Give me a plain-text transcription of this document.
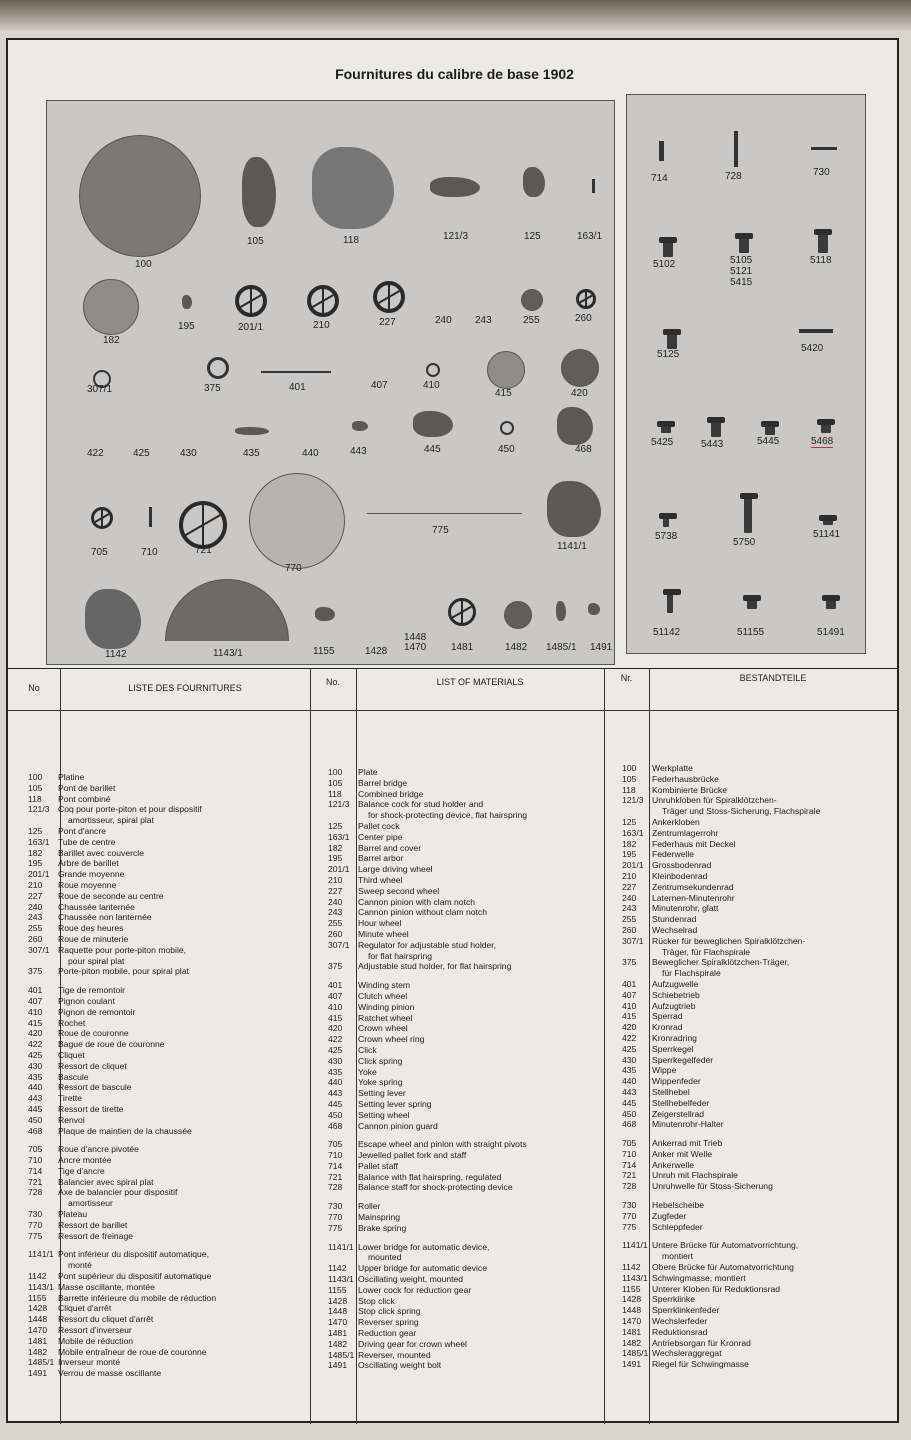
Fournitures du calibre de base 1902
100
105	118	121/3	125	163/1
182
195	201/1	210	227	240 243	255	260
307/1	375	401	407	410
415	420
422	425	430	435	440	443	445	450	468
705	710	721
770
775
1141/1
1142	1143/1	1155	1428
1448
1470 1481	1482 1485/1 1491
714	728	730
5102	5105
5121
5415
5118
5125
5420
5425	5443	5445	5468
5738
5750
51141
51142	51155	51491
No	LISTE DES FOURNITURES
No.	LIST OF MATERIALS	Nr.	BESTANDTEILE
100	Platine
105	Pont de barillet
118	Pont combiné
121/3 Coq pour porte-piton et pour dispositif
amortisseur, spiral plat
125	Pont d'ancre
163/1 Tube de centre
182	Barillet avec couvercle
195	Arbre de barillet
201/1 Grande moyenne
210	Roue moyenne
227	Roue de seconde au centre
240	Chaussée lanternée
243	Chaussée non lanternée
255	Roue des heures
260	Roue de minuterie
307/1 Raquette pour porte-piton mobile,
pour spiral plat
375	Porte-piton mobile, pour spiral plat
401	Tige de remontoir
407	Pignon coulant
410	Pignon de remontoir
415	Rochet
420	Roue de couronne
422	Bague de roue de couronne
425	Cliquet
430	Ressort de cliquet
435	Bascule
440	Ressort de bascule
443	Tirette
445	Ressort de tirette
450	Renvoi
468	Plaque de maintien de la chaussée
705	Roue d'ancre pivotée
710	Ancre montée
714	Tige d'ancre
721	Balancier avec spiral plat
728	Axe de balancier pour dispositif
amortisseur
730	Plateau
770	Ressort de barillet
775	Ressort de freinage
1141/1 Pont inférieur du dispositif automatique,
monté
1142	Pont supérieur du dispositif automatique
1143/1 Masse oscillante, montée
1155	Barrette inférieure du mobile de réduction
1428	Cliquet d'arrêt
1448	Ressort du cliquet d'arrêt
1470	Ressort d'inverseur
1481	Mobile de réduction
1482	Mobile entraîneur de roue de couronne
1485/1 Inverseur monté
1491	Verrou de masse oscillante
100	Plate
105	Barrel bridge
118	Combined bridge
121/3 Balance cock for stud holder and
for shock-protecting device, flat hairspring
125	Pallet cock
163/1 Center pipe
182	Barrel and cover
195	Barrel arbor
201/1 Large driving wheel
210	Third wheel
227	Sweep second wheel
240	Cannon pinion with clam notch
243	Cannon pinion without clam notch
255	Hour wheel
260	Minute wheel
307/1 Regulator for adjustable stud holder,
for flat hairspring
375	Adjustable stud holder, for flat hairspring
401	Winding stem
407	Clutch wheel
410	Winding pinion
415	Ratchet wheel
420	Crown wheel
422	Crown wheel ring
425	Click
430	Click spring
435	Yoke
440	Yoke spring
443	Setting lever
445	Setting lever spring
450	Setting wheel
468	Cannon pinion guard
705	Escape wheel and pinion with straight pivots
710	Jewelled pallet fork and staff
714	Pallet staff
721	Balance with flat hairspring, regulated
728	Balance staff for shock-protecting device
730	Roller
770	Mainspring
775	Brake spring
1141/1 Lower bridge for automatic device,
mounted
1142	Upper bridge for automatic device
1143/1 Oscillating weight, mounted
1155	Lower cock for reduction gear
1428	Stop click
1448	Stop click spring
1470	Reverser spring
1481	Reduction gear
1482	Driving gear for crown wheel
1485/1 Reverser, mounted
1491	Oscillating weight bolt
100	Werkplatte
105	Federhausbrücke
118	Kombinierte Brücke
121/3 Unruhkloben für Spiralklötzchen-
Träger und Stoss-Sicherung, Flachspirale
125	Ankerkloben
163/1 Zentrumlagerrohr
182	Federhaus mit Deckel
195	Federwelle
201/1 Grossbodenrad
210	Kleinbodenrad
227	Zentrumsekundenrad
240	Laternen-Minutenrohr
243	Minutenrohr, glatt
255	Stundenrad
260	Wechselrad
307/1 Rücker für beweglichen Spiralklötzchen-
Träger, für Flachspirale
375	Beweglicher Spiralklötzchen-Träger,
für Flachspirale
401	Aufzugwelle
407	Schiebetrieb
410	Aufzugtrieb
415	Sperrad
420	Kronrad
422	Kronradring
425	Sperrkegel
430	Sperrkegelfeder
435	Wippe
440	Wippenfeder
443	Stellhebel
445	Stellhebelfeder
450	Zeigerstellrad
468	Minutenrohr-Halter
705	Ankerrad mit Trieb
710	Anker mit Welle
714	Ankerwelle
721	Unruh mit Flachspirale
728	Unruhwelle für Stoss-Sicherung
730	Hebelscheibe
770	Zugfeder
775	Schleppfeder
1141/1 Untere Brücke für Automatvorrichtung,
montiert
1142	Obere Brücke für Automatvorrichtung
1143/1 Schwingmasse, montiert
1155	Unterer Kloben für Reduktionsrad
1428	Sperrklinke
1448	Sperrklinkenfeder
1470	Wechslerfeder
1481	Reduktionsrad
1482	Antriebsorgan für Kronrad
1485/1 Wechsleraggregat
1491	Riegel für Schwingmasse
